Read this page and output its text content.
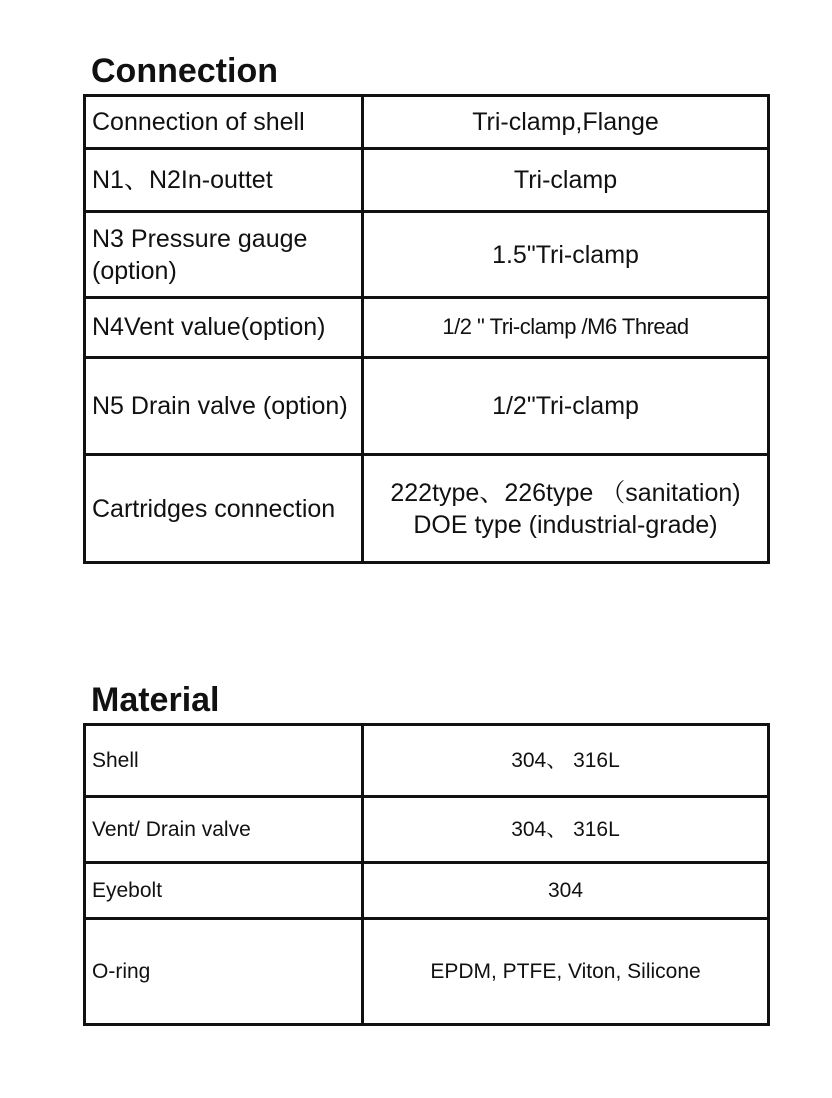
Connection
Connection of shell	Tri-clamp,Flange
N1、N2In-outtet	Tri-clamp
N3 Pressure gauge (option)	1.5"Tri-clamp

N4Vent value(option)	1/2 " Tri-clamp /M6 Thread
N5 Drain valve (option)	1/2"Tri-clamp
Cartridges connection	222type、226type （sanitation) DOE type (industrial-grade)
Material
Shell	304、 316L
Vent/ Drain valve	304、 316L
Eyebolt	304
O-ring	EPDM, PTFE, Viton, Silicone
